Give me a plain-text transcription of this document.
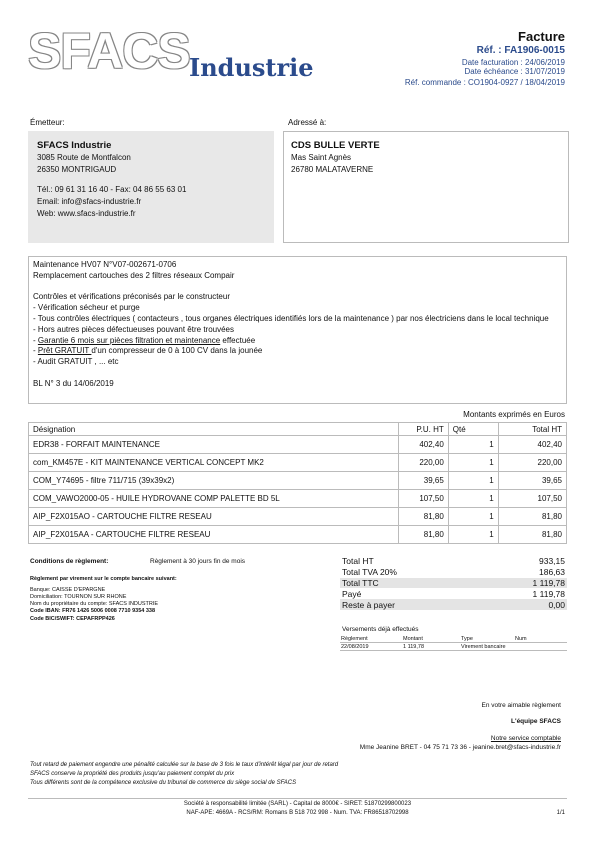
SFACS Industrie
Facture
Réf. : FA1906-0015
Date facturation : 24/06/2019
Date échéance : 31/07/2019
Réf. commande : CO1904-0927 / 18/04/2019
Émetteur:
SFACS Industrie
3085 Route de Montfalcon
26350 MONTRIGAUD
Tél.: 09 61 31 16 40 - Fax: 04 86 55 63 01
Email: info@sfacs-industrie.fr
Web: www.sfacs-industrie.fr
Adressé à:
CDS BULLE VERTE
Mas Saint Agnès
26780 MALATAVERNE
Maintenance HV07 N°V07-002671-0706
Remplacement cartouches des 2 filtres réseaux Compair
Contrôles et vérifications préconisés par le constructeur
- Vérification sécheur et purge
- Tous contrôles électriques ( contacteurs , tous organes électriques identifiés lors de la maintenance ) par nos électriciens dans le local technique
- Hors autres pièces défectueuses pouvant être trouvées
- Garantie 6 mois sur pièces filtration et maintenance effectuée
- Prêt GRATUIT d'un compresseur de 0 à 100 CV dans la jounée
- Audit GRATUIT , ... etc
BL N° 3 du 14/06/2019
Montants exprimés en Euros
Désignation	P.U. HT	Qté	Total HT
EDR38 - FORFAIT MAINTENANCE	402,40	1	402,40
com_KM457E - KIT MAINTENANCE VERTICAL CONCEPT MK2	220,00	1	220,00
COM_Y74695 - filtre 711/715 (39x39x2)	39,65	1	39,65
COM_VAWO2000-05 - HUILE HYDROVANE COMP PALETTE BD 5L	107,50	1	107,50
AIP_F2X015AO - CARTOUCHE FILTRE RESEAU	81,80	1	81,80
AIP_F2X015AA - CARTOUCHE FILTRE RESEAU	81,80	1	81,80
Conditions de règlement:	Règlement à 30 jours fin de mois
Règlement par virement sur le compte bancaire suivant:
Banque: CAISSE D'EPARGNE
Domiciliation: TOURNON SUR RHONE
Nom du propriétaire du compte: SFACS INDUSTRIE
Code IBAN: FR76 1426 5006 0008 7710 9354 338
Code BIC/SWIFT: CEPAFRPP426
Total HT	933,15
Total TVA 20%	186,63
Total TTC	1 119,78
Payé	1 119,78
Reste à payer	0,00
Versements déjà effectués
Règlement	Montant	Type	Num
22/08/2019	1 119,78	Virement bancaire	
En votre aimable règlement
L'équipe SFACS
Notre service comptable
Mme Jeanine BRET - 04 75 71 73 36 - jeanine.bret@sfacs-industrie.fr
Tout retard de paiement engendre une pénalité calculée sur la base de 3 fois le taux d'intérêt légal par jour de retard
SFACS conserve la propriété des produits jusqu'au paiement complet du prix
Tous différents sont de la compétence exclusive du tribunal de commerce du siège social de SFACS
Société à responsabilité limitée (SARL) - Capital de 8000€ - SIRET: 51870299800023
NAF-APE: 4669A - RCS/RM: Romans B 518 702 998 - Num. TVA: FR86518702998	1/1
